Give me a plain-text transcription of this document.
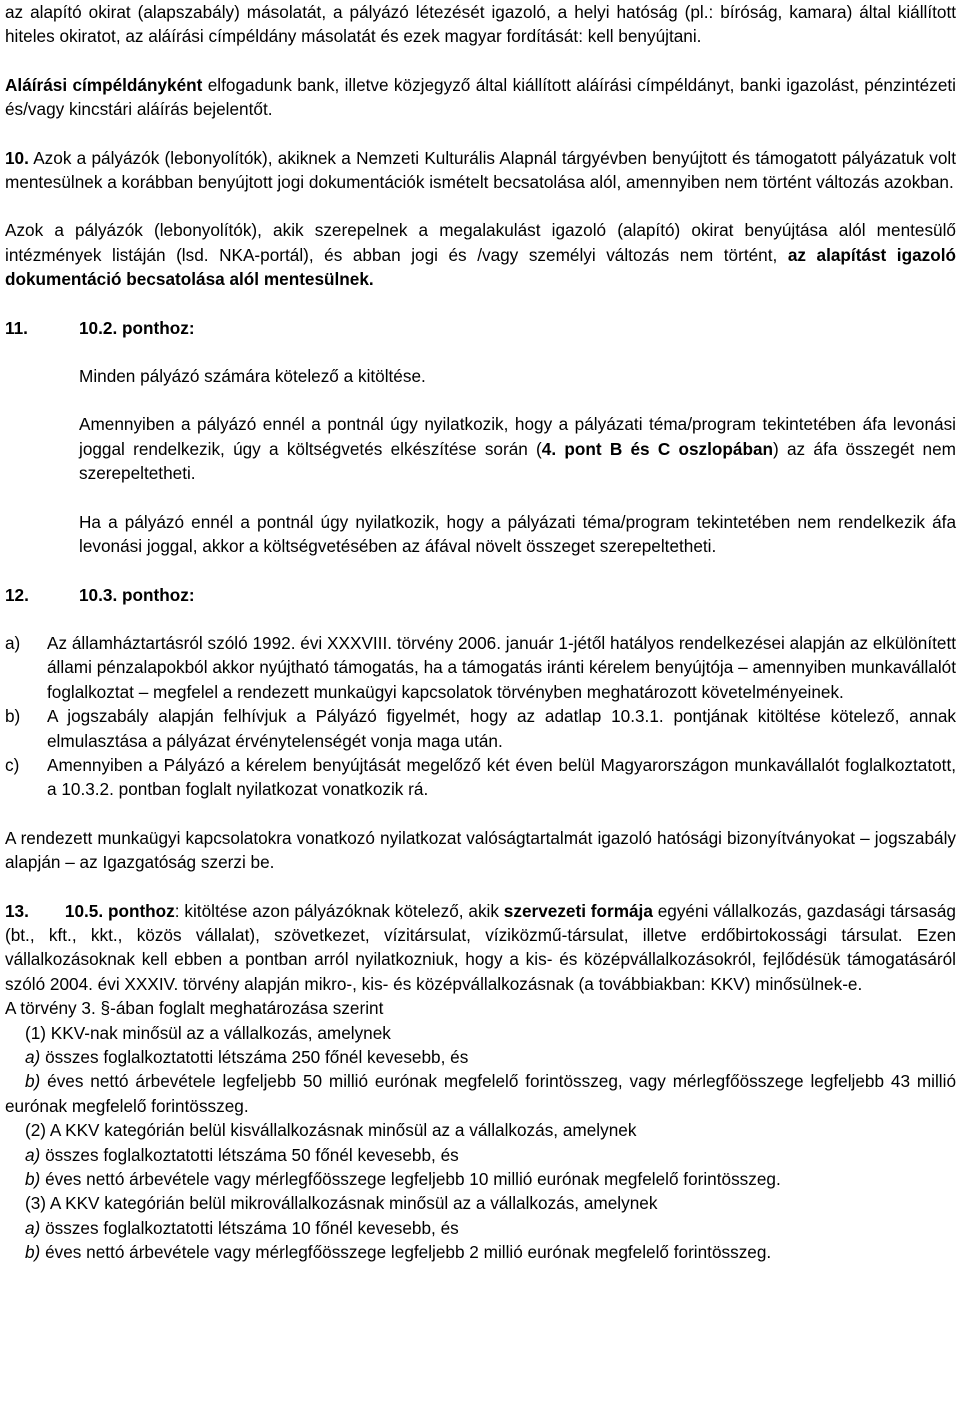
az alapító okirat (alapszabály) másolatát, a pályázó létezését igazoló, a helyi hatóság (pl.: bíróság, kamara) által kiállított hiteles okiratot, az aláírási címpéldány másolatát és ezek magyar fordítását: kell benyújtani.

Aláírási címpéldányként elfogadunk bank, illetve közjegyző által kiállított aláírási címpéldányt, banki igazolást, pénzintézeti és/vagy kincstári aláírás bejelentőt.

10. Azok a pályázók (lebonyolítók), akiknek a Nemzeti Kulturális Alapnál tárgyévben benyújtott és támogatott pályázatuk volt mentesülnek a korábban benyújtott jogi dokumentációk ismételt becsatolása alól, amennyiben nem történt változás azokban.

Azok a pályázók (lebonyolítók), akik szerepelnek a megalakulást igazoló (alapító) okirat benyújtása alól mentesülő intézmények listáján (lsd. NKA-portál), és abban jogi és /vagy személyi változás nem történt, az alapítást igazoló dokumentáció becsatolása alól mentesülnek.

11.	10.2. ponthoz:

Minden pályázó számára kötelező a kitöltése.

Amennyiben a pályázó ennél a pontnál úgy nyilatkozik, hogy a pályázati téma/program tekintetében áfa levonási joggal rendelkezik, úgy a költségvetés elkészítése során (4. pont B és C oszlopában) az áfa összegét nem szerepeltetheti.

Ha a pályázó ennél a pontnál úgy nyilatkozik, hogy a pályázati téma/program tekintetében nem rendelkezik áfa levonási joggal, akkor a költségvetésében az áfával növelt összeget szerepeltetheti.

12.	10.3. ponthoz:
a)	Az államháztartásról szóló 1992. évi XXXVIII. törvény 2006. január 1-jétől hatályos rendelkezései alapján az elkülönített állami pénzalapokból akkor nyújtható támogatás, ha a támogatás iránti kérelem benyújtója – amennyiben munkavállalót foglalkoztat – megfelel a rendezett munkaügyi kapcsolatok törvényben meghatározott követelményeinek.
b)	A jogszabály alapján felhívjuk a Pályázó figyelmét, hogy az adatlap 10.3.1. pontjának kitöltése kötelező, annak elmulasztása a pályázat érvénytelenségét vonja maga után.
c)	Amennyiben a Pályázó a kérelem benyújtását megelőző két éven belül Magyarországon munkavállalót foglalkoztatott, a 10.3.2. pontban foglalt nyilatkozat vonatkozik rá.

A rendezett munkaügyi kapcsolatokra vonatkozó nyilatkozat valóságtartalmát igazoló hatósági bizonyítványokat – jogszabály alapján – az Igazgatóság szerzi be.

13. 10.5. ponthoz: kitöltése azon pályázóknak kötelező, akik szervezeti formája egyéni vállalkozás, gazdasági társaság (bt., kft., kkt., közös vállalat), szövetkezet, vízitársulat, víziközmű-társulat, illetve erdőbirtokossági társulat. Ezen vállalkozásoknak kell ebben a pontban arról nyilatkozniuk, hogy a kis- és középvállalkozásokról, fejlődésük támogatásáról szóló 2004. évi XXXIV. törvény alapján mikro-, kis- és középvállalkozásnak (a továbbiakban: KKV) minősülnek-e.

A törvény 3. §-ában foglalt meghatározása szerint

(1) KKV-nak minősül az a vállalkozás, amelynek

a) összes foglalkoztatotti létszáma 250 főnél kevesebb, és

b) éves nettó árbevétele legfeljebb 50 millió eurónak megfelelő forintösszeg, vagy mérlegfőösszege legfeljebb 43 millió eurónak megfelelő forintösszeg.

(2) A KKV kategórián belül kisvállalkozásnak minősül az a vállalkozás, amelynek

a) összes foglalkoztatotti létszáma 50 főnél kevesebb, és

b) éves nettó árbevétele vagy mérlegfőösszege legfeljebb 10 millió eurónak megfelelő forintösszeg.

(3) A KKV kategórián belül mikrovállalkozásnak minősül az a vállalkozás, amelynek

a) összes foglalkoztatotti létszáma 10 főnél kevesebb, és

b) éves nettó árbevétele vagy mérlegfőösszege legfeljebb 2 millió eurónak megfelelő forintösszeg.
